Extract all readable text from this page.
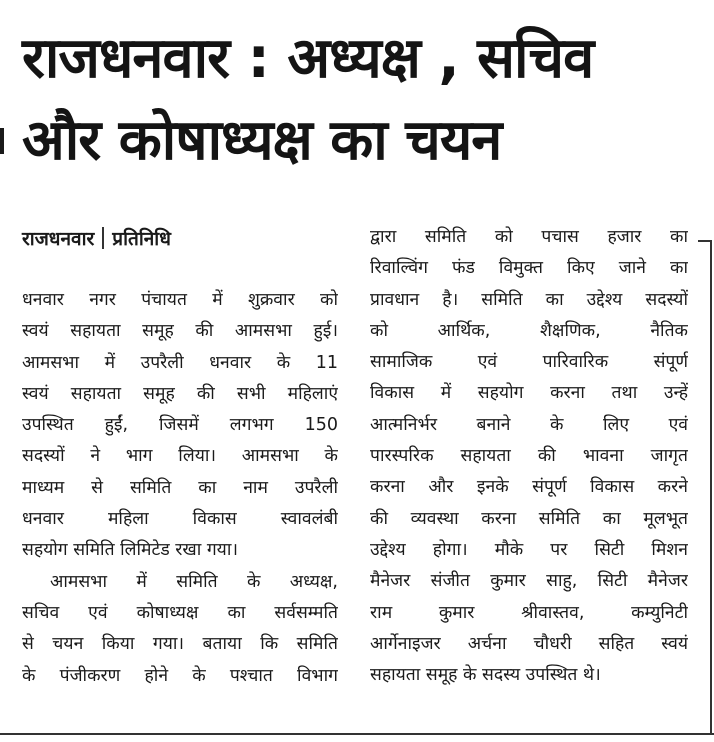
राजधनवार : अध्यक्ष , सचिव
और कोषाध्यक्ष का चयन
राजधनवार प्रतिनिधि
धनवार नगर पंचायत में शुक्रवार को
स्वयं सहायता समूह की आमसभा हुई।
आमसभा में उपरैली धनवार के 11
स्वयं सहायता समूह की सभी महिलाएं
उपस्थित हुईं, जिसमें लगभग 150
सदस्यों ने भाग लिया। आमसभा के
माध्यम से समिति का नाम उपरैली
धनवार महिला विकास स्वावलंबी
सहयोग समिति लिमिटेड रखा गया।
आमसभा में समिति के अध्यक्ष,
सचिव एवं कोषाध्यक्ष का सर्वसम्मति
से चयन किया गया। बताया कि समिति
के पंजीकरण होने के पश्चात विभाग
द्वारा समिति को पचास हजार का
रिवाल्विंग फंड विमुक्त किए जाने का
प्रावधान है। समिति का उद्देश्य सदस्यों
को आर्थिक, शैक्षणिक, नैतिक
सामाजिक एवं पारिवारिक संपूर्ण
विकास में सहयोग करना तथा उन्हें
आत्मनिर्भर बनाने के लिए एवं
पारस्परिक सहायता की भावना जागृत
करना और इनके संपूर्ण विकास करने
की व्यवस्था करना समिति का मूलभूत
उद्देश्य होगा। मौके पर सिटी मिशन
मैनेजर संजीत कुमार साहु, सिटी मैनेजर
राम कुमार श्रीवास्तव, कम्युनिटी
आर्गेनाइजर अर्चना चौधरी सहित स्वयं
सहायता समूह के सदस्य उपस्थित थे।
